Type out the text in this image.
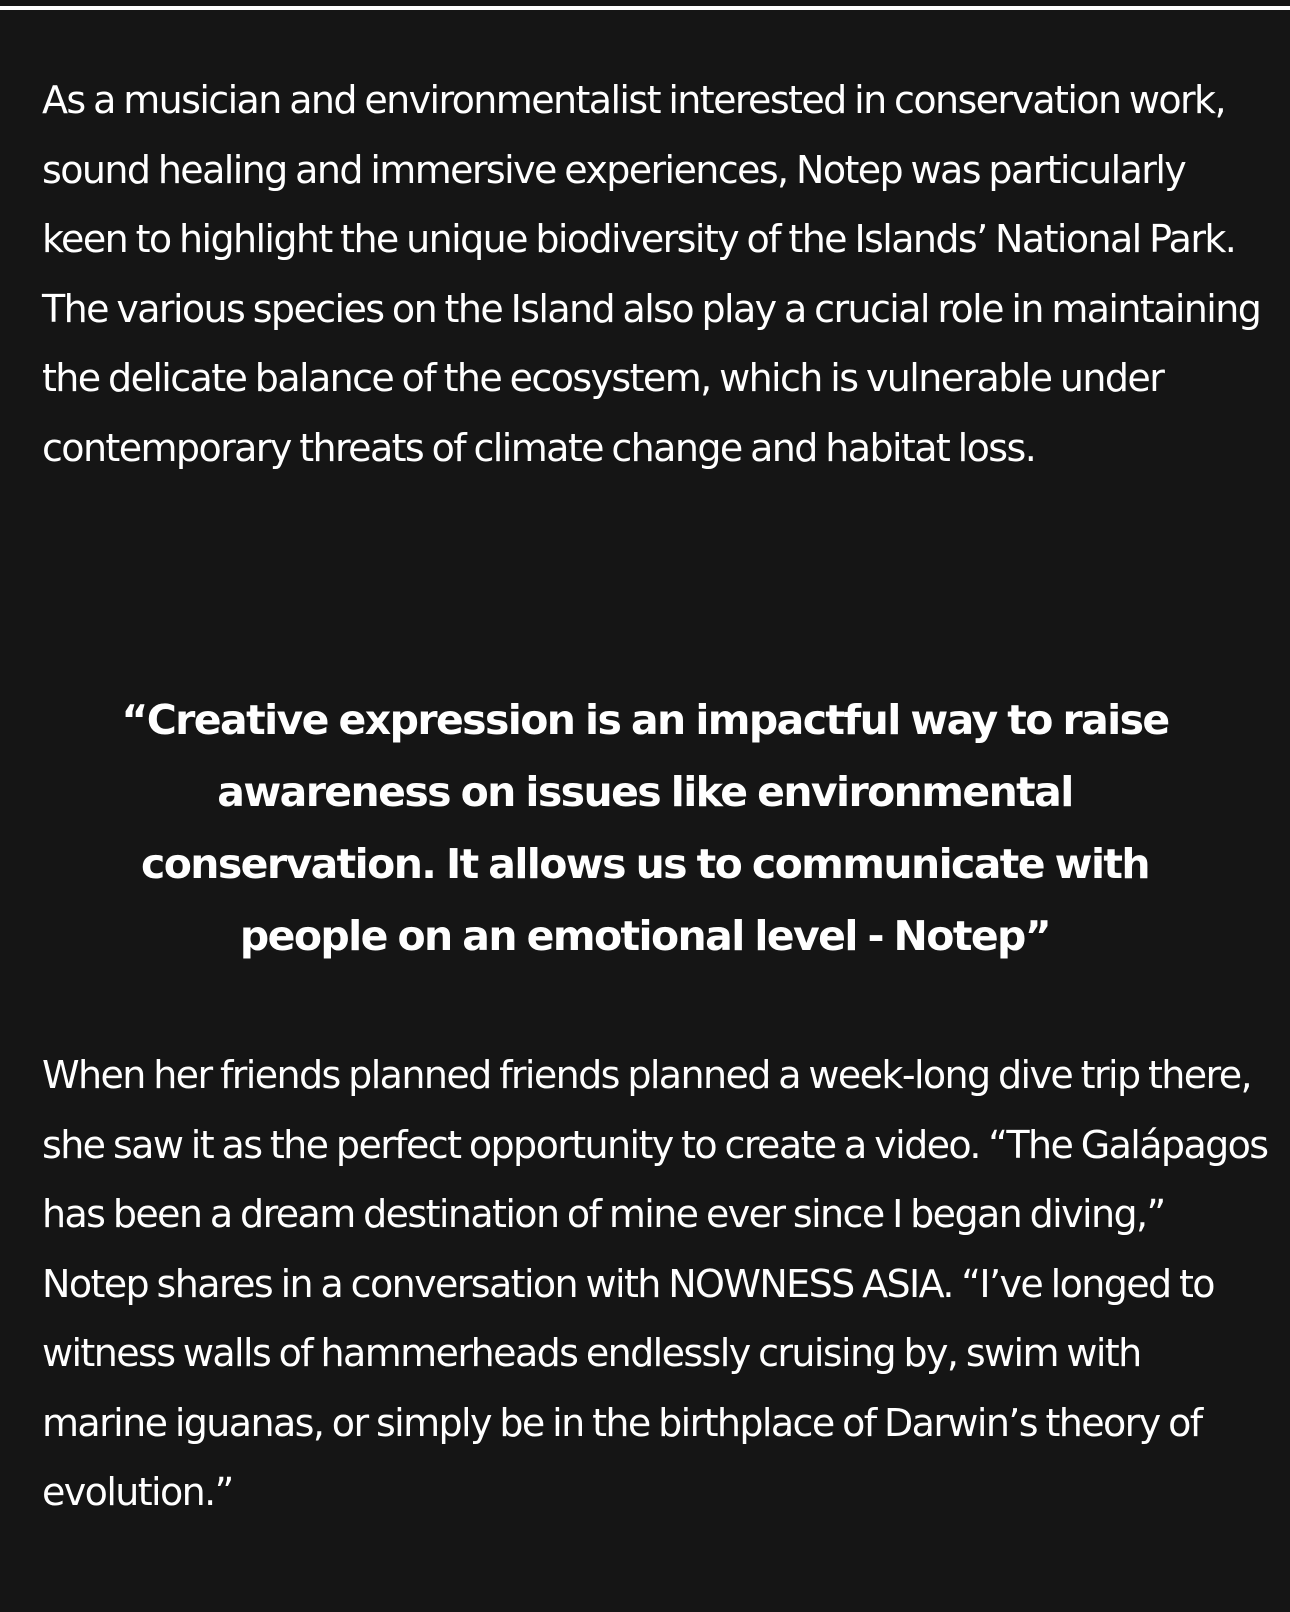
As a musician and environmentalist interested in conservation work, sound healing and immersive experiences, Notep was particularly keen to highlight the unique biodiversity of the Islands’ National Park. The various species on the Island also play a crucial role in maintaining the delicate balance of the ecosystem, which is vulnerable under contemporary threats of climate change and habitat loss.

“Creative expression is an impactful way to raise awareness on issues like environmental conservation. It allows us to communicate with people on an emotional level - Notep”

When her friends planned friends planned a week-long dive trip there, she saw it as the perfect opportunity to create a video. “The Galápagos has been a dream destination of mine ever since I began diving,” Notep shares in a conversation with NOWNESS ASIA. “I’ve longed to witness walls of hammerheads endlessly cruising by, swim with marine iguanas, or simply be in the birthplace of Darwin’s theory of evolution.”
